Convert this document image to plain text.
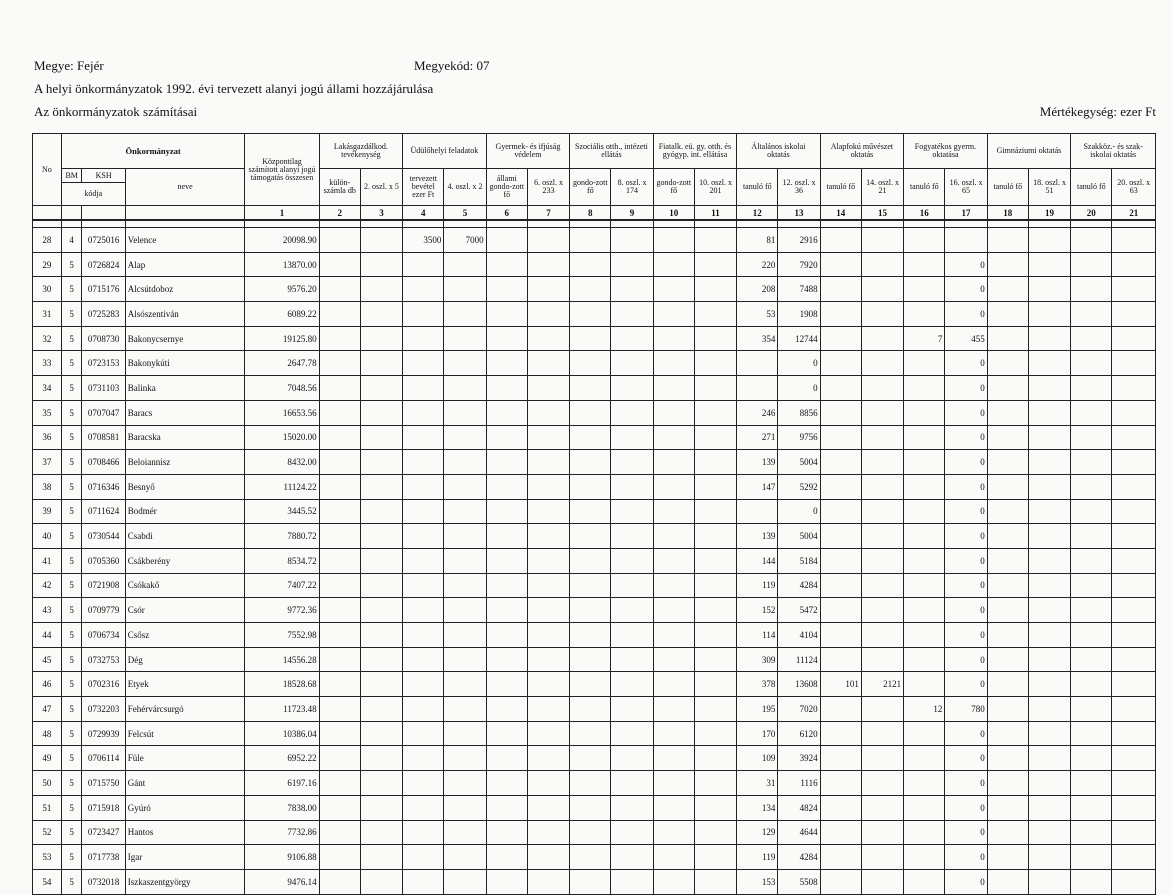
Megye: Fejér	Megyekód: 07
A helyi önkormányzatok 1992. évi tervezett alanyi jogú állami hozzájárulása
Az önkormányzatok számításai	Mértékegység: ezer Ft
No	Önkormányzat			Központilag számított alanyi jogú támogatás összesen	Lakásgazdálkod. tevékenység		Üdülőhelyi feladatok		Gyermek- és ifjúság védelem		Szociális otth., intézeti ellátás		Fiatalk. eü. gy. otth. és gyógyp. int. ellátása		Általános iskolai oktatás		Alapfokú művészet oktatás		Fogyatékos gyerm. oktatása		Gimnáziumi oktatás		Szakköz.- és szak-iskolai oktatás	
	BM	KSH	neve		külön-számla db	2. oszl. x 5	tervezett bevétel ezer Ft	4. oszl. x 2	állami gondo-zott fő	6. oszl. x 233	gondo-zott fő	8. oszl. x 174	gondo-zott fő	10. oszl. x 201	tanuló fő	12. oszl. x 36	tanuló fő	14. oszl. x 21	tanuló fő	16. oszl. x 65	tanuló fő	18. oszl. x 51	tanuló fő	20. oszl. x 63
	kódja																							
				1	2	3	4	5	6	7	8	9	10	11	12	13	14	15	16	17	18	19	20	21

28	4	0725016	Velence	20098.90			3500	7000							81	2916								
29	5	0726824	Alap	13870.00											220	7920				0				
30	5	0715176	Alcsútdoboz	9576.20											208	7488				0				
31	5	0725283	Alsószentiván	6089.22											53	1908				0				
32	5	0708730	Bakonycsernye	19125.80											354	12744			7	455				
33	5	0723153	Bakonykúti	2647.78												0				0				
34	5	0731103	Balinka	7048.56												0				0				
35	5	0707047	Baracs	16653.56											246	8856				0				
36	5	0708581	Baracska	15020.00											271	9756				0				
37	5	0708466	Beloiannisz	8432.00											139	5004				0				
38	5	0716346	Besnyő	11124.22											147	5292				0				
39	5	0711624	Bodmér	3445.52												0				0				
40	5	0730544	Csabdi	7880.72											139	5004				0				
41	5	0705360	Csákberény	8534.72											144	5184				0				
42	5	0721908	Csókakő	7407.22											119	4284				0				
43	5	0709779	Csór	9772.36											152	5472				0				
44	5	0706734	Csősz	7552.98											114	4104				0				
45	5	0732753	Dég	14556.28											309	11124				0				
46	5	0702316	Etyek	18528.68											378	13608	101	2121		0				
47	5	0732203	Fehérvárcsurgó	11723.48											195	7020			12	780				
48	5	0729939	Felcsút	10386.04											170	6120				0				
49	5	0706114	Füle	6952.22											109	3924				0				
50	5	0715750	Gánt	6197.16											31	1116				0				
51	5	0715918	Gyúró	7838.00											134	4824				0				
52	5	0723427	Hantos	7732.86											129	4644				0				
53	5	0717738	Igar	9106.88											119	4284				0				
54	5	0732018	Iszkaszentgyörgy	9476.14											153	5508				0				
